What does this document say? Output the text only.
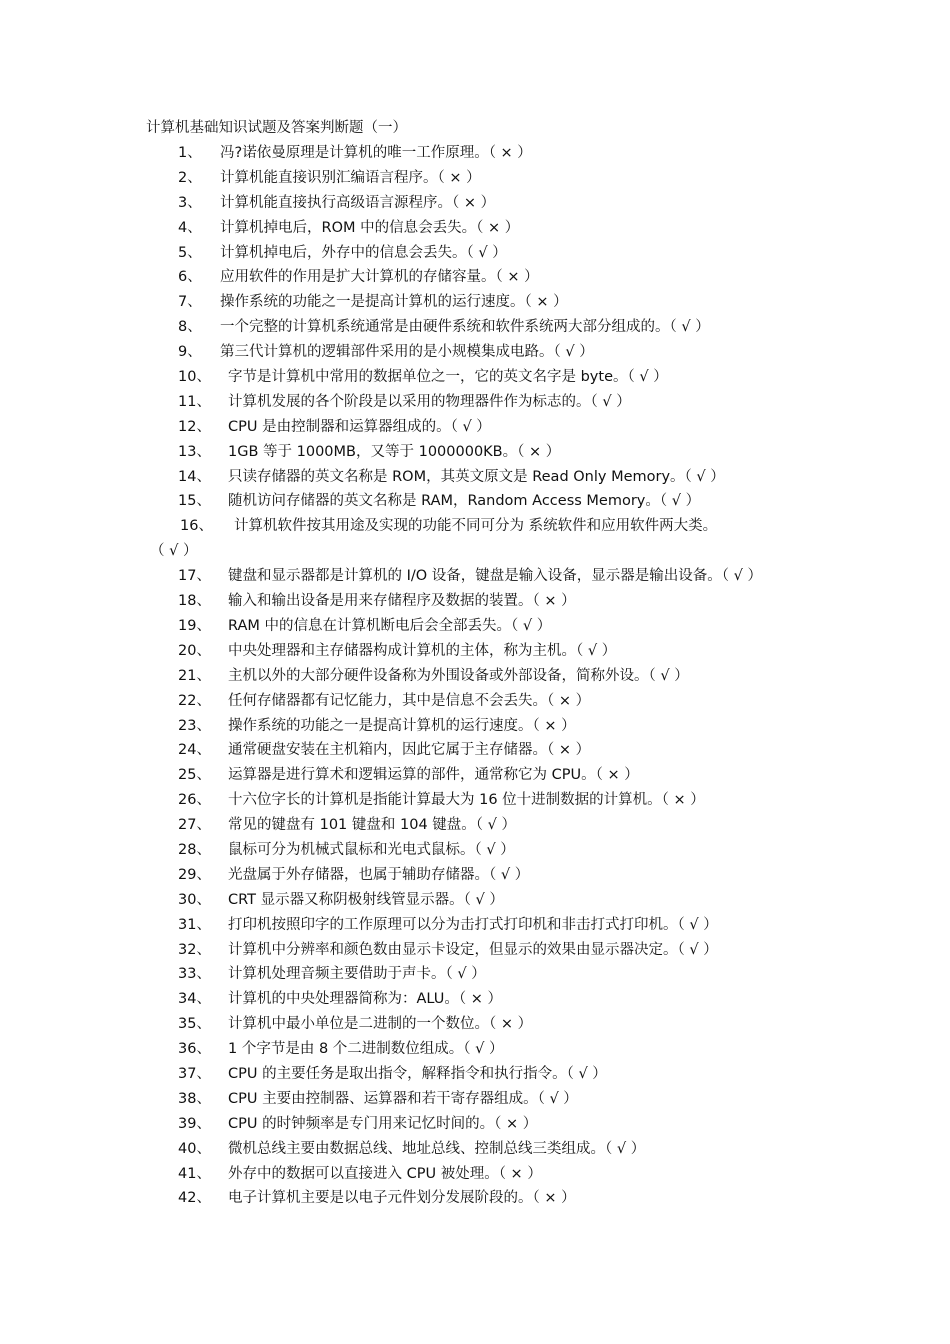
计算机基础知识试题及答案判断题（一）
1、 冯?诺依曼原理是计算机的唯一工作原理。（ × ）
2、 计算机能直接识别汇编语言程序。（ × ）
3、 计算机能直接执行高级语言源程序。（ × ）
4、 计算机掉电后，ROM 中的信息会丢失。（ × ）
5、 计算机掉电后，外存中的信息会丢失。（ √ ）
6、 应用软件的作用是扩大计算机的存储容量。（ × ）
7、 操作系统的功能之一是提高计算机的运行速度。（ × ）
8、 一个完整的计算机系统通常是由硬件系统和软件系统两大部分组成的。（ √ ）
9、 第三代计算机的逻辑部件采用的是小规模集成电路。（ √ ）
10、 字节是计算机中常用的数据单位之一，它的英文名字是 byte。（ √ ）
11、 计算机发展的各个阶段是以采用的物理器件作为标志的。（ √ ）
12、 CPU 是由控制器和运算器组成的。（ √ ）
13、 1GB 等于 1000MB，又等于 1000000KB。（ × ）
14、 只读存储器的英文名称是 ROM，其英文原文是 Read Only Memory。（ √ ）
15、 随机访问存储器的英文名称是 RAM，Random Access Memory。（ √ ）
16、 计算机软件按其用途及实现的功能不同可分为 系统软件和应用软件两大类。
（ √ ）
17、 键盘和显示器都是计算机的 I/O 设备，键盘是输入设备，显示器是输出设备。（ √ ）
18、 输入和输出设备是用来存储程序及数据的装置。（ × ）
19、 RAM 中的信息在计算机断电后会全部丢失。（ √ ）
20、 中央处理器和主存储器构成计算机的主体，称为主机。（ √ ）
21、 主机以外的大部分硬件设备称为外围设备或外部设备，简称外设。（ √ ）
22、 任何存储器都有记忆能力，其中是信息不会丢失。（ × ）
23、 操作系统的功能之一是提高计算机的运行速度。（ × ）
24、 通常硬盘安装在主机箱内，因此它属于主存储器。（ × ）
25、 运算器是进行算术和逻辑运算的部件，通常称它为 CPU。（ × ）
26、 十六位字长的计算机是指能计算最大为 16 位十进制数据的计算机。（ × ）
27、 常见的键盘有 101 键盘和 104 键盘。（ √ ）
28、 鼠标可分为机械式鼠标和光电式鼠标。（ √ ）
29、 光盘属于外存储器，也属于辅助存储器。（ √ ）
30、 CRT 显示器又称阴极射线管显示器。（ √ ）
31、 打印机按照印字的工作原理可以分为击打式打印机和非击打式打印机。（ √ ）
32、 计算机中分辨率和颜色数由显示卡设定，但显示的效果由显示器决定。（ √ ）
33、 计算机处理音频主要借助于声卡。（ √ ）
34、 计算机的中央处理器简称为：ALU。（ × ）
35、 计算机中最小单位是二进制的一个数位。（ × ）
36、 1 个字节是由 8 个二进制数位组成。（ √ ）
37、 CPU 的主要任务是取出指令，解释指令和执行指令。（ √ ）
38、 CPU 主要由控制器、运算器和若干寄存器组成。（ √ ）
39、 CPU 的时钟频率是专门用来记忆时间的。（ × ）
40、 微机总线主要由数据总线、地址总线、控制总线三类组成。（ √ ）
41、 外存中的数据可以直接进入 CPU 被处理。（ × ）
42、 电子计算机主要是以电子元件划分发展阶段的。（ × ）
